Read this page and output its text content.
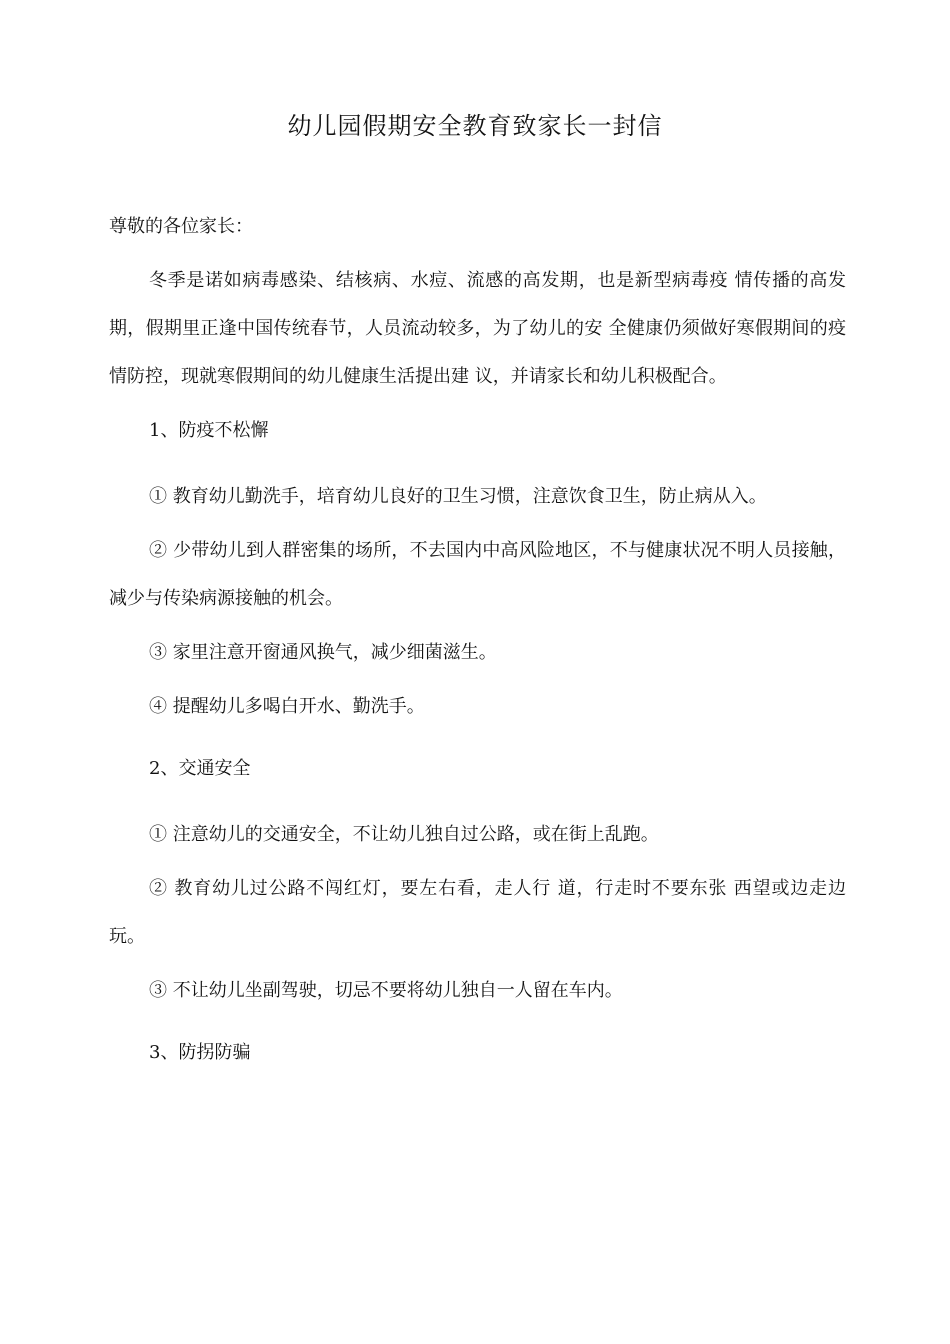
幼儿园假期安全教育致家长一封信

尊敬的各位家长：

冬季是诺如病毒感染、结核病、水痘、流感的高发期，也是新型病毒疫 情传播的高发期，假期里正逢中国传统春节，人员流动较多，为了幼儿的安 全健康仍须做好寒假期间的疫情防控，现就寒假期间的幼儿健康生活提出建 议，并请家长和幼儿积极配合。

1、防疫不松懈

① 教育幼儿勤洗手，培育幼儿良好的卫生习惯，注意饮食卫生，防止病从入。

② 少带幼儿到人群密集的场所，不去国内中高风险地区，不与健康状况不明人员接触，减少与传染病源接触的机会。

③ 家里注意开窗通风换气，减少细菌滋生。

④ 提醒幼儿多喝白开水、勤洗手。

2、交通安全

① 注意幼儿的交通安全，不让幼儿独自过公路，或在街上乱跑。

② 教育幼儿过公路不闯红灯，要左右看，走人行 道，行走时不要东张 西望或边走边玩。

③ 不让幼儿坐副驾驶，切忌不要将幼儿独自一人留在车内。

3、防拐防骗
